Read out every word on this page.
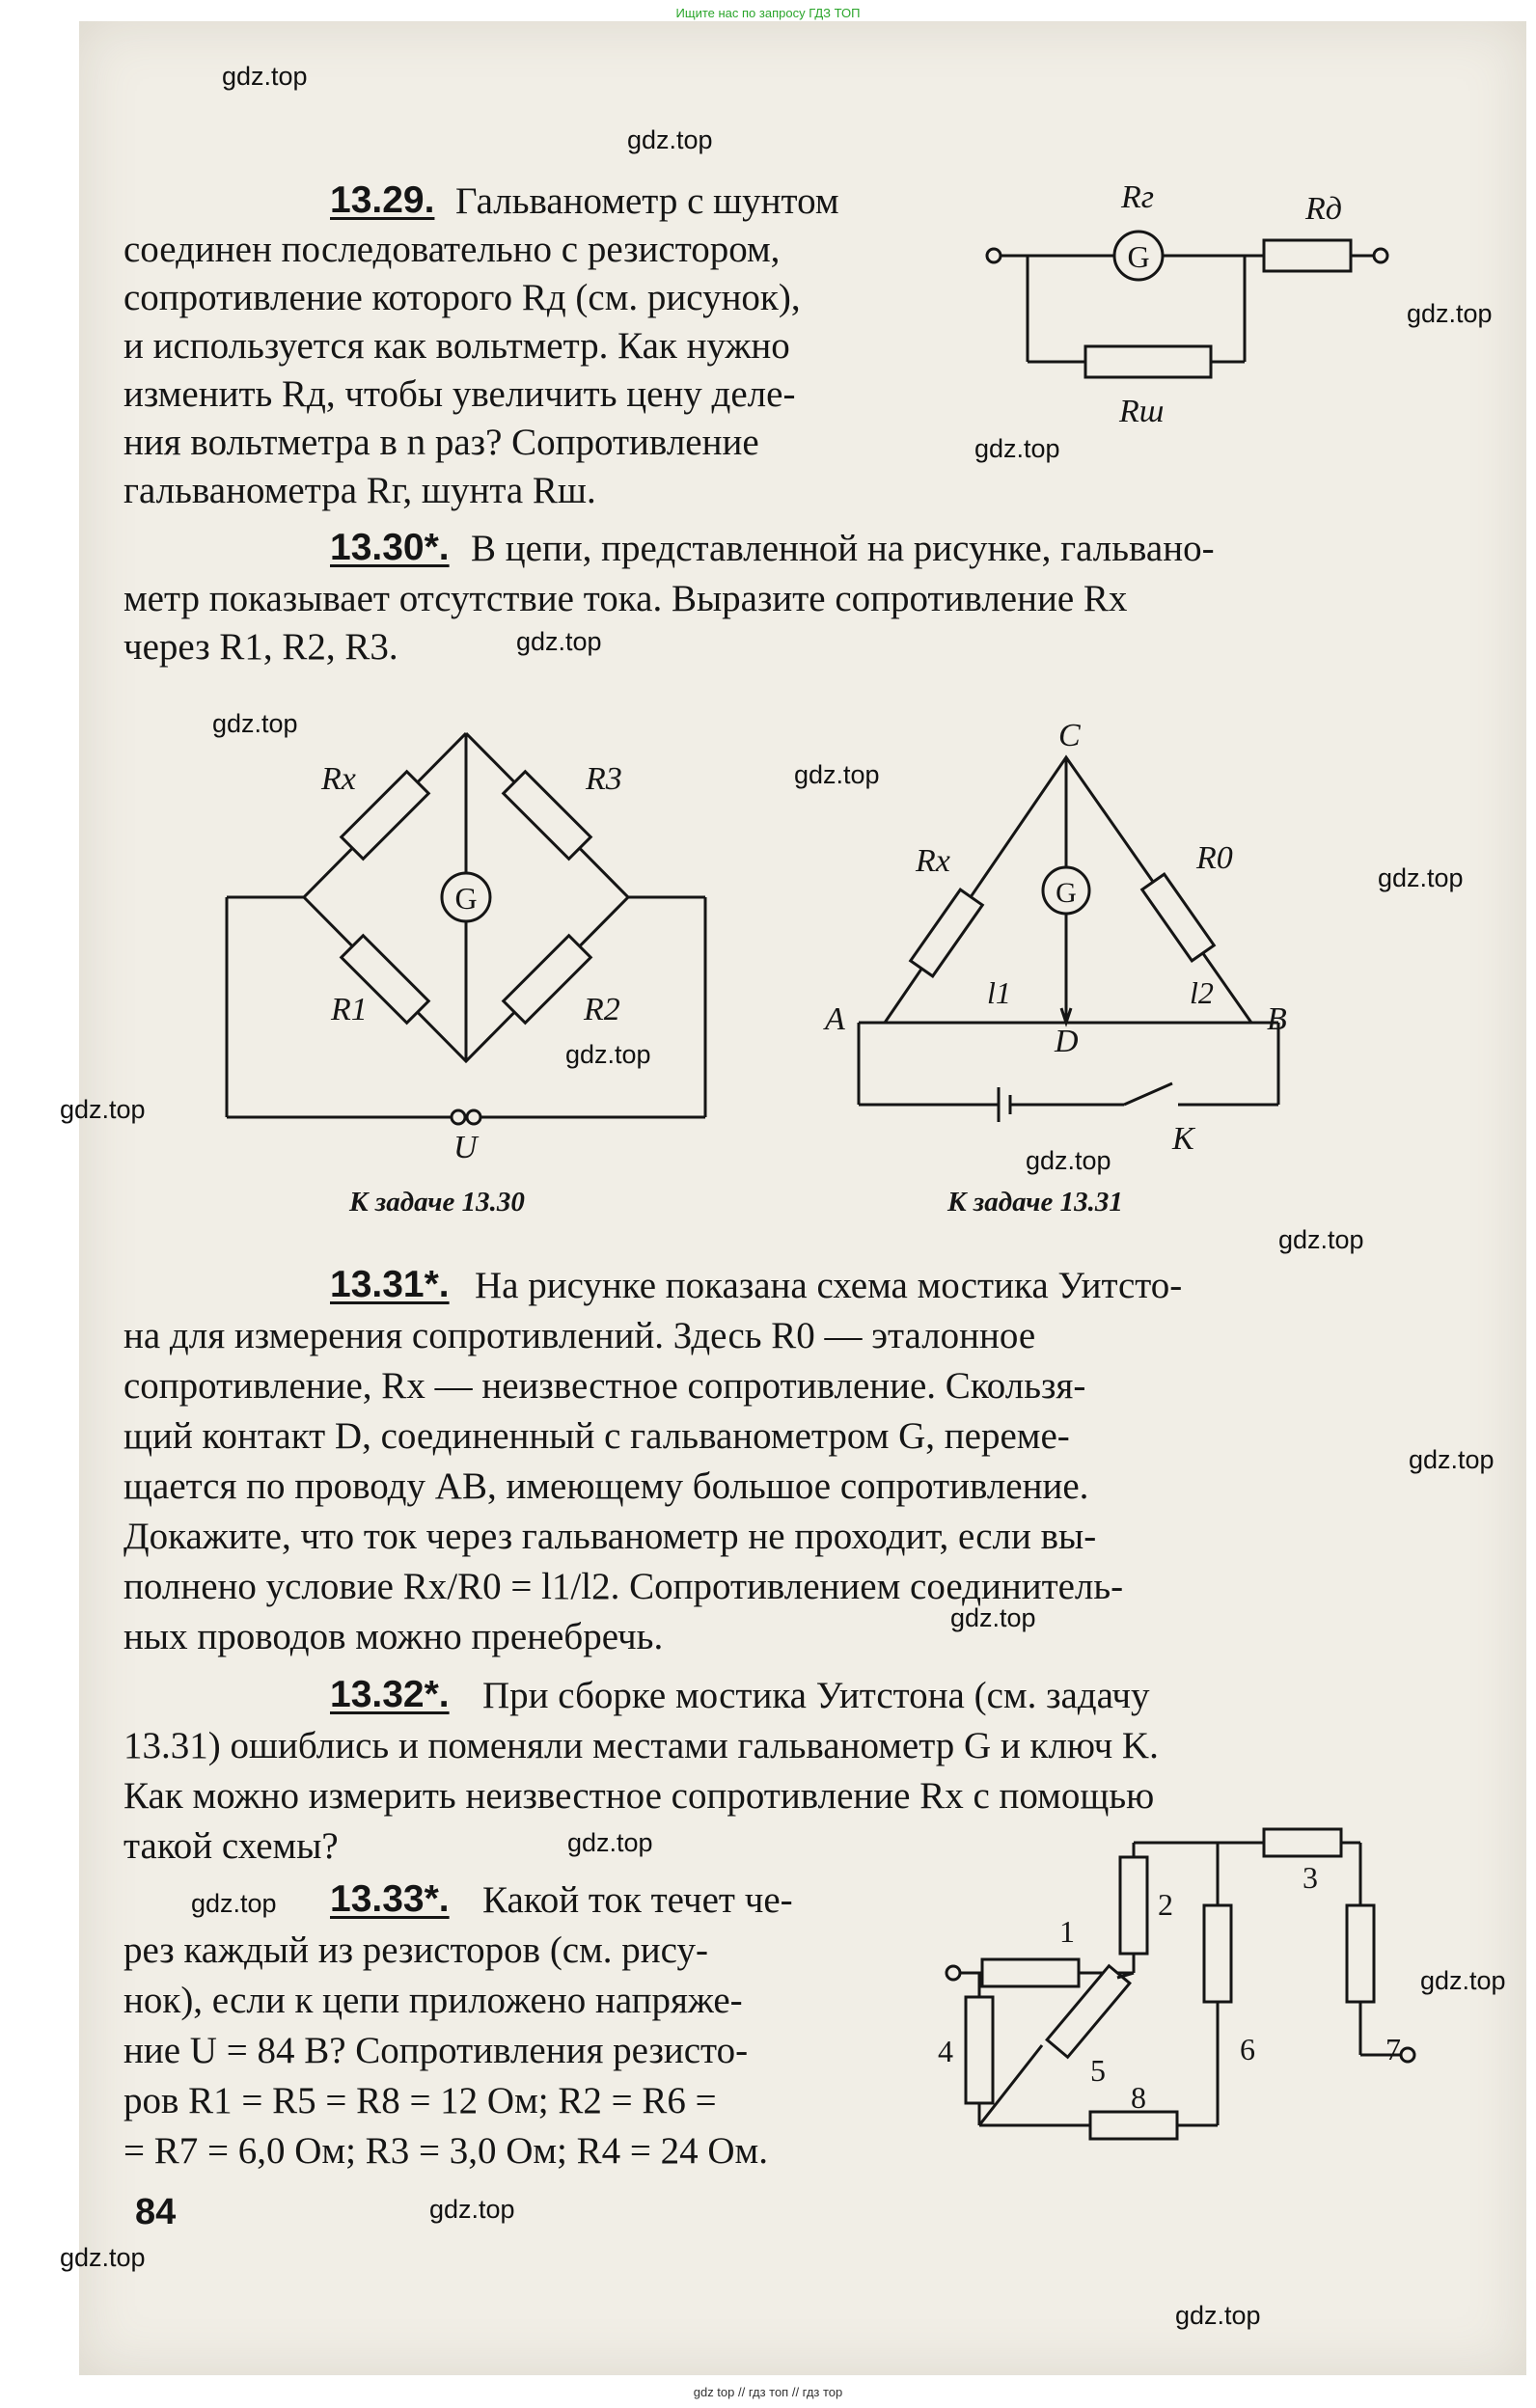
Ищите нас по запросу ГДЗ ТОП
13.29. Гальванометр с шунтом
соединен последовательно с резистором,
сопротивление которого Rд (см. рисунок),
и используется как вольтметр. Как нужно
изменить Rд, чтобы увеличить цену деле-
ния вольтметра в n раз? Сопротивление
гальванометра Rг, шунта Rш.
G
Rг	Rд
Rш
13.30*. В цепи, представленной на рисунке, гальвано-
метр показывает отсутствие тока. Выразите сопротивление Rx
через R1, R2, R3.
G
Rx	R3
R1	R2
U
К задаче 13.30
G
C
Rx	R0
A	B
D
l1	l2
K
К задаче 13.31
13.31*. На рисунке показана схема мостика Уитсто-
на для измерения сопротивлений. Здесь R0 — эталонное
сопротивление, Rx — неизвестное сопротивление. Скользя-
щий контакт D, соединенный с гальванометром G, переме-
щается по проводу AB, имеющему большое сопротивление.
Докажите, что ток через гальванометр не проходит, если вы-
полнено условие Rx/R0 = l1/l2. Сопротивлением соединитель-
ных проводов можно пренебречь.
13.32*. При сборке мостика Уитстона (см. задачу
13.31) ошиблись и поменяли местами гальванометр G и ключ K.
Как можно измерить неизвестное сопротивление Rx с помощью
такой схемы?
13.33*. Какой ток течет че-
рез каждый из резисторов (см. рису-
нок), если к цепи приложено напряже-
ние U = 84 В? Сопротивления резисто-
ров R1 = R5 = R8 = 12 Ом; R2 = R6 =
= R7 = 6,0 Ом; R3 = 3,0 Ом; R4 = 24 Ом.
1
2
3
4
5
6	7
8
84
gdz.top
gdz.top
gdz.top
gdz.top
gdz.top
gdz.top
gdz.top
gdz.top
gdz.top
gdz.top
gdz.top
gdz.top
gdz.top
gdz.top
gdz.top
gdz.top
gdz.top
gdz.top
gdz.top
gdz.top
gdz top // гдз топ // гдз тор
